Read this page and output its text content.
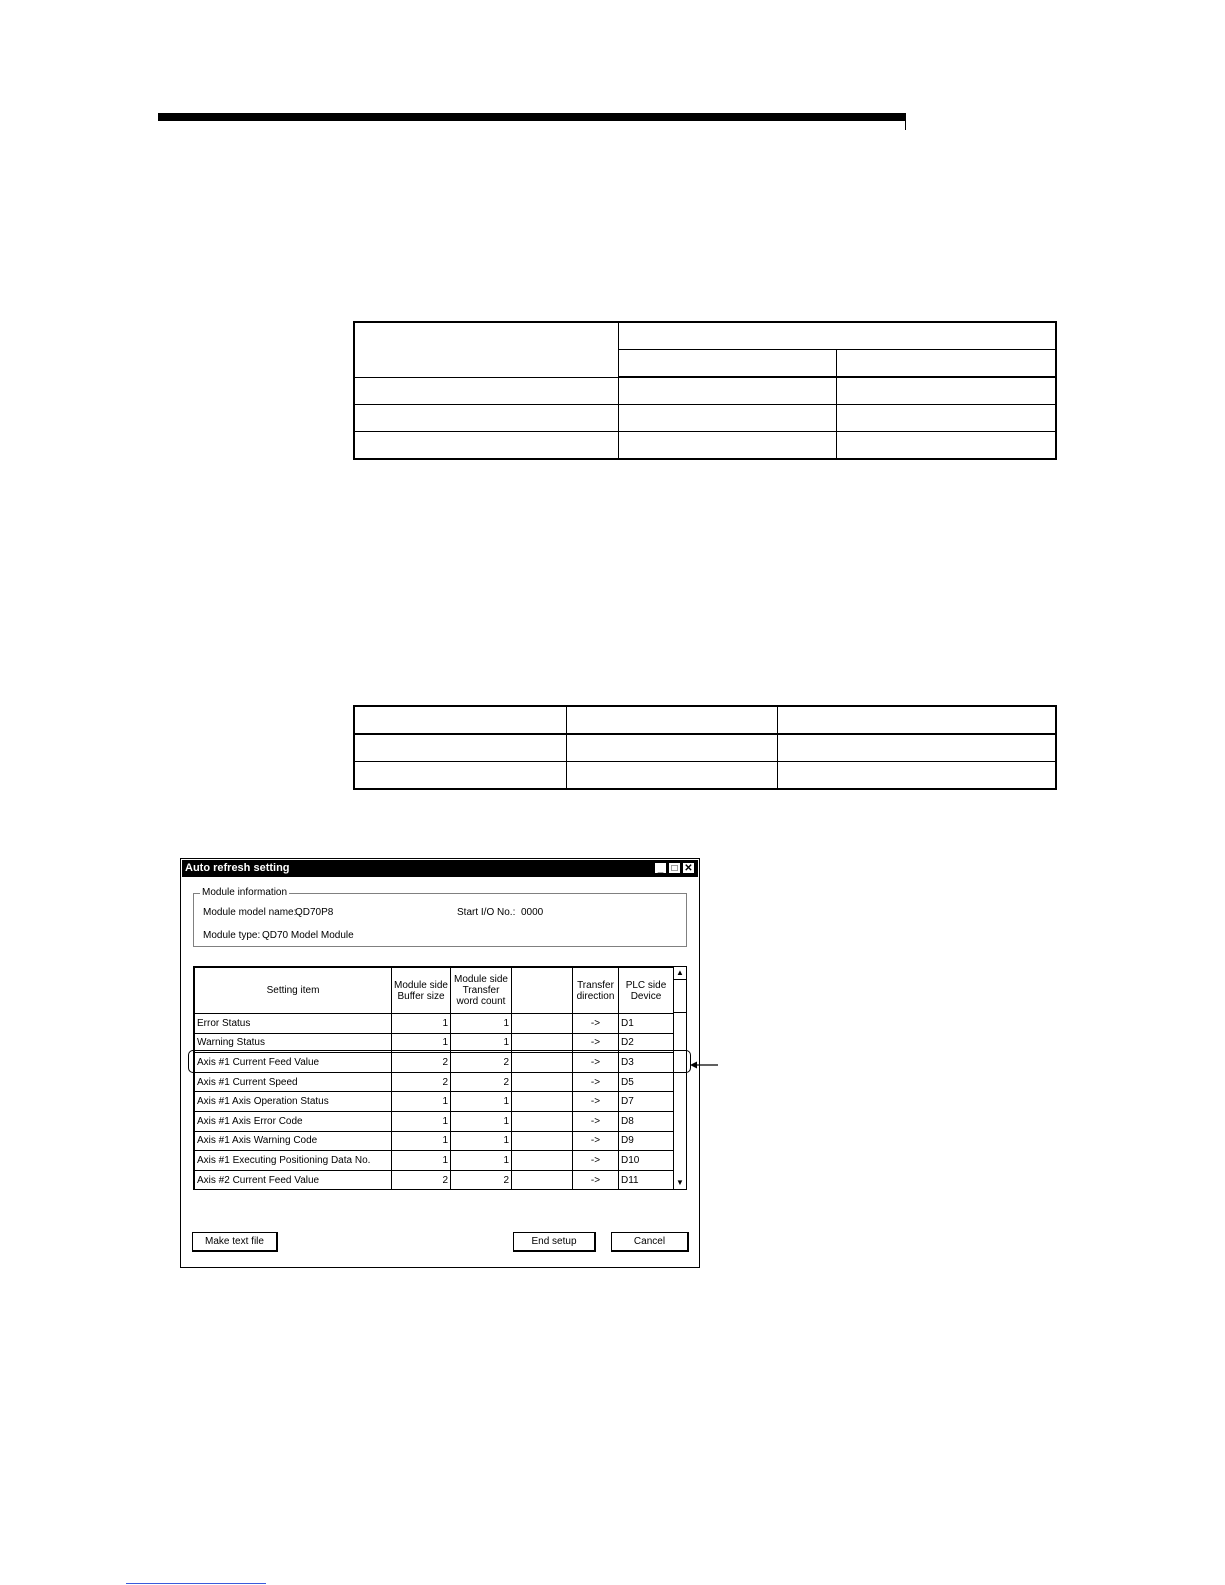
Auto refresh setting	_ □ ✕
Module information
Module model name:
QD70P8	Start I/O No.: 0000
Module type: QD70 Model Module
Setting item	Module side Buffer size	Module side Transfer word count		Transfer direction	PLC side Device
Error Status	1	1		->	D1
Warning Status	1	1		->	D2
Axis #1 Current Feed Value	2	2		->	D3
Axis #1 Current Speed	2	2		->	D5
Axis #1 Axis Operation Status	1	1		->	D7
Axis #1 Axis Error Code	1	1		->	D8
Axis #1 Axis Warning Code	1	1		->	D9
Axis #1 Executing Positioning Data No.	1	1		->	D10
Axis #2 Current Feed Value	2	2		->	D11
▲
▼
Make text file	End setup	Cancel
